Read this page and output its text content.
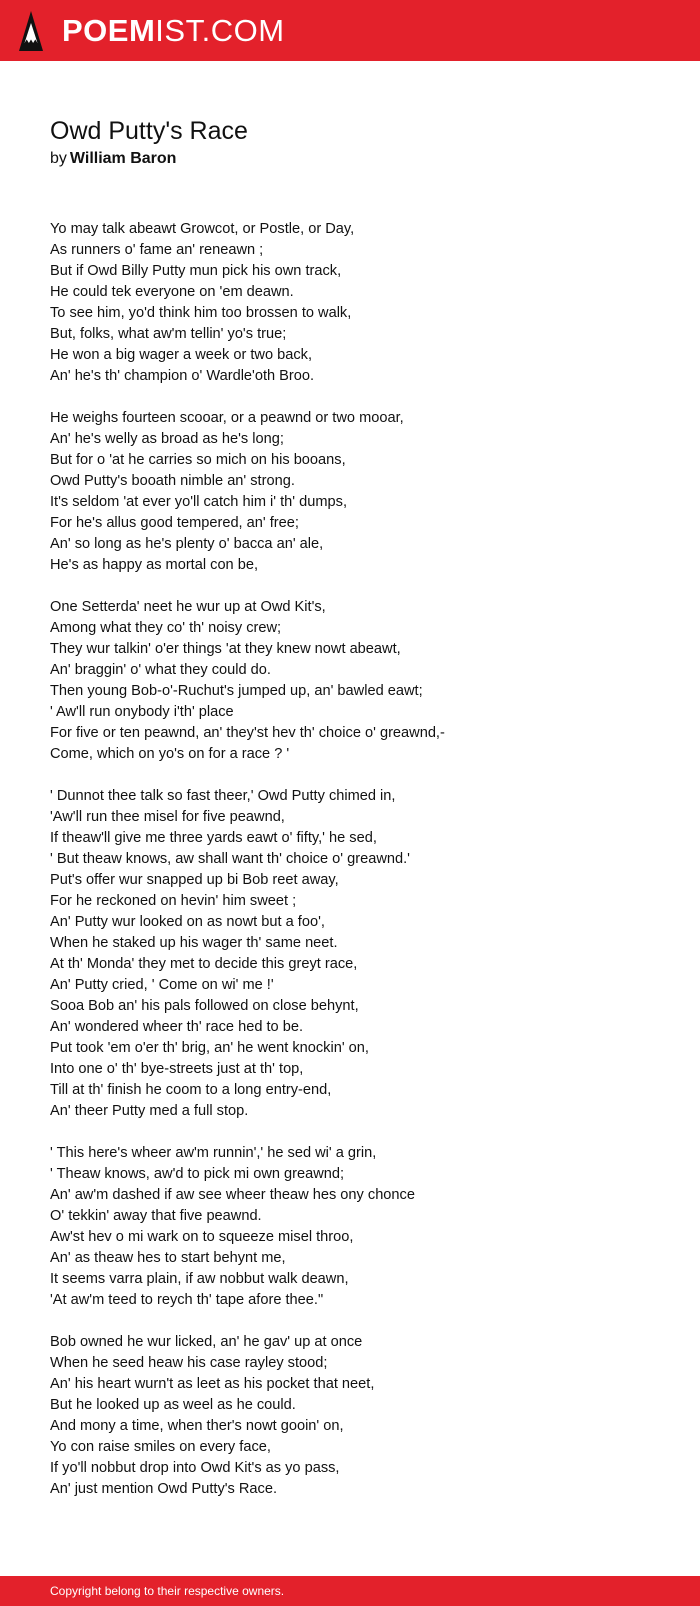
POEMIST.COM
Owd Putty's Race
by William Baron
Yo may talk abeawt Growcot, or Postle, or Day,
As runners o' fame an' reneawn ;
But if Owd Billy Putty mun pick his own track,
He could tek everyone on 'em deawn.
To see him, yo'd think him too brossen to walk,
But, folks, what aw'm tellin' yo's true;
He won a big wager a week or two back,
An' he's th' champion o' Wardle'oth Broo.
He weighs fourteen scooar, or a peawnd or two mooar,
An' he's welly as broad as he's long;
But for o 'at he carries so mich on his booans,
Owd Putty's booath nimble an' strong.
It's seldom 'at ever yo'll catch him i' th' dumps,
For he's allus good tempered, an' free;
An' so long as he's plenty o' bacca an' ale,
He's as happy as mortal con be,
One Setterda' neet he wur up at Owd Kit's,
Among what they co' th' noisy crew;
They wur talkin' o'er things 'at they knew nowt abeawt,
An' braggin' o' what they could do.
Then young Bob-o'-Ruchut's jumped up, an' bawled eawt;
' Aw'll run onybody i'th' place
For five or ten peawnd, an' they'st hev th' choice o' greawnd,-
Come, which on yo's on for a race ? '
' Dunnot thee talk so fast theer,' Owd Putty chimed in,
'Aw'll run thee misel for five peawnd,
If theaw'll give me three yards eawt o' fifty,' he sed,
' But theaw knows, aw shall want th' choice o' greawnd.'
Put's offer wur snapped up bi Bob reet away,
For he reckoned on hevin' him sweet ;
An' Putty wur looked on as nowt but a foo',
When he staked up his wager th' same neet.
At th' Monda' they met to decide this greyt race,
An' Putty cried, ' Come on wi' me !'
Sooa Bob an' his pals followed on close behynt,
An' wondered wheer th' race hed to be.
Put took 'em o'er th' brig, an' he went knockin' on,
Into one o' th' bye-streets just at th' top,
Till at th' finish he coom to a long entry-end,
An' theer Putty med a full stop.
' This here's wheer aw'm runnin',' he sed wi' a grin,
' Theaw knows, aw'd to pick mi own greawnd;
An' aw'm dashed if aw see wheer theaw hes ony chonce
O' tekkin' away that five peawnd.
Aw'st hev o mi wark on to squeeze misel throo,
An' as theaw hes to start behynt me,
It seems varra plain, if aw nobbut walk deawn,
'At aw'm teed to reych th' tape afore thee."
Bob owned he wur licked, an' he gav' up at once
When he seed heaw his case rayley stood;
An' his heart wurn't as leet as his pocket that neet,
But he looked up as weel as he could.
And mony a time, when ther's nowt gooin' on,
Yo con raise smiles on every face,
If yo'll nobbut drop into Owd Kit's as yo pass,
An' just mention Owd Putty's Race.
Copyright belong to their respective owners.
